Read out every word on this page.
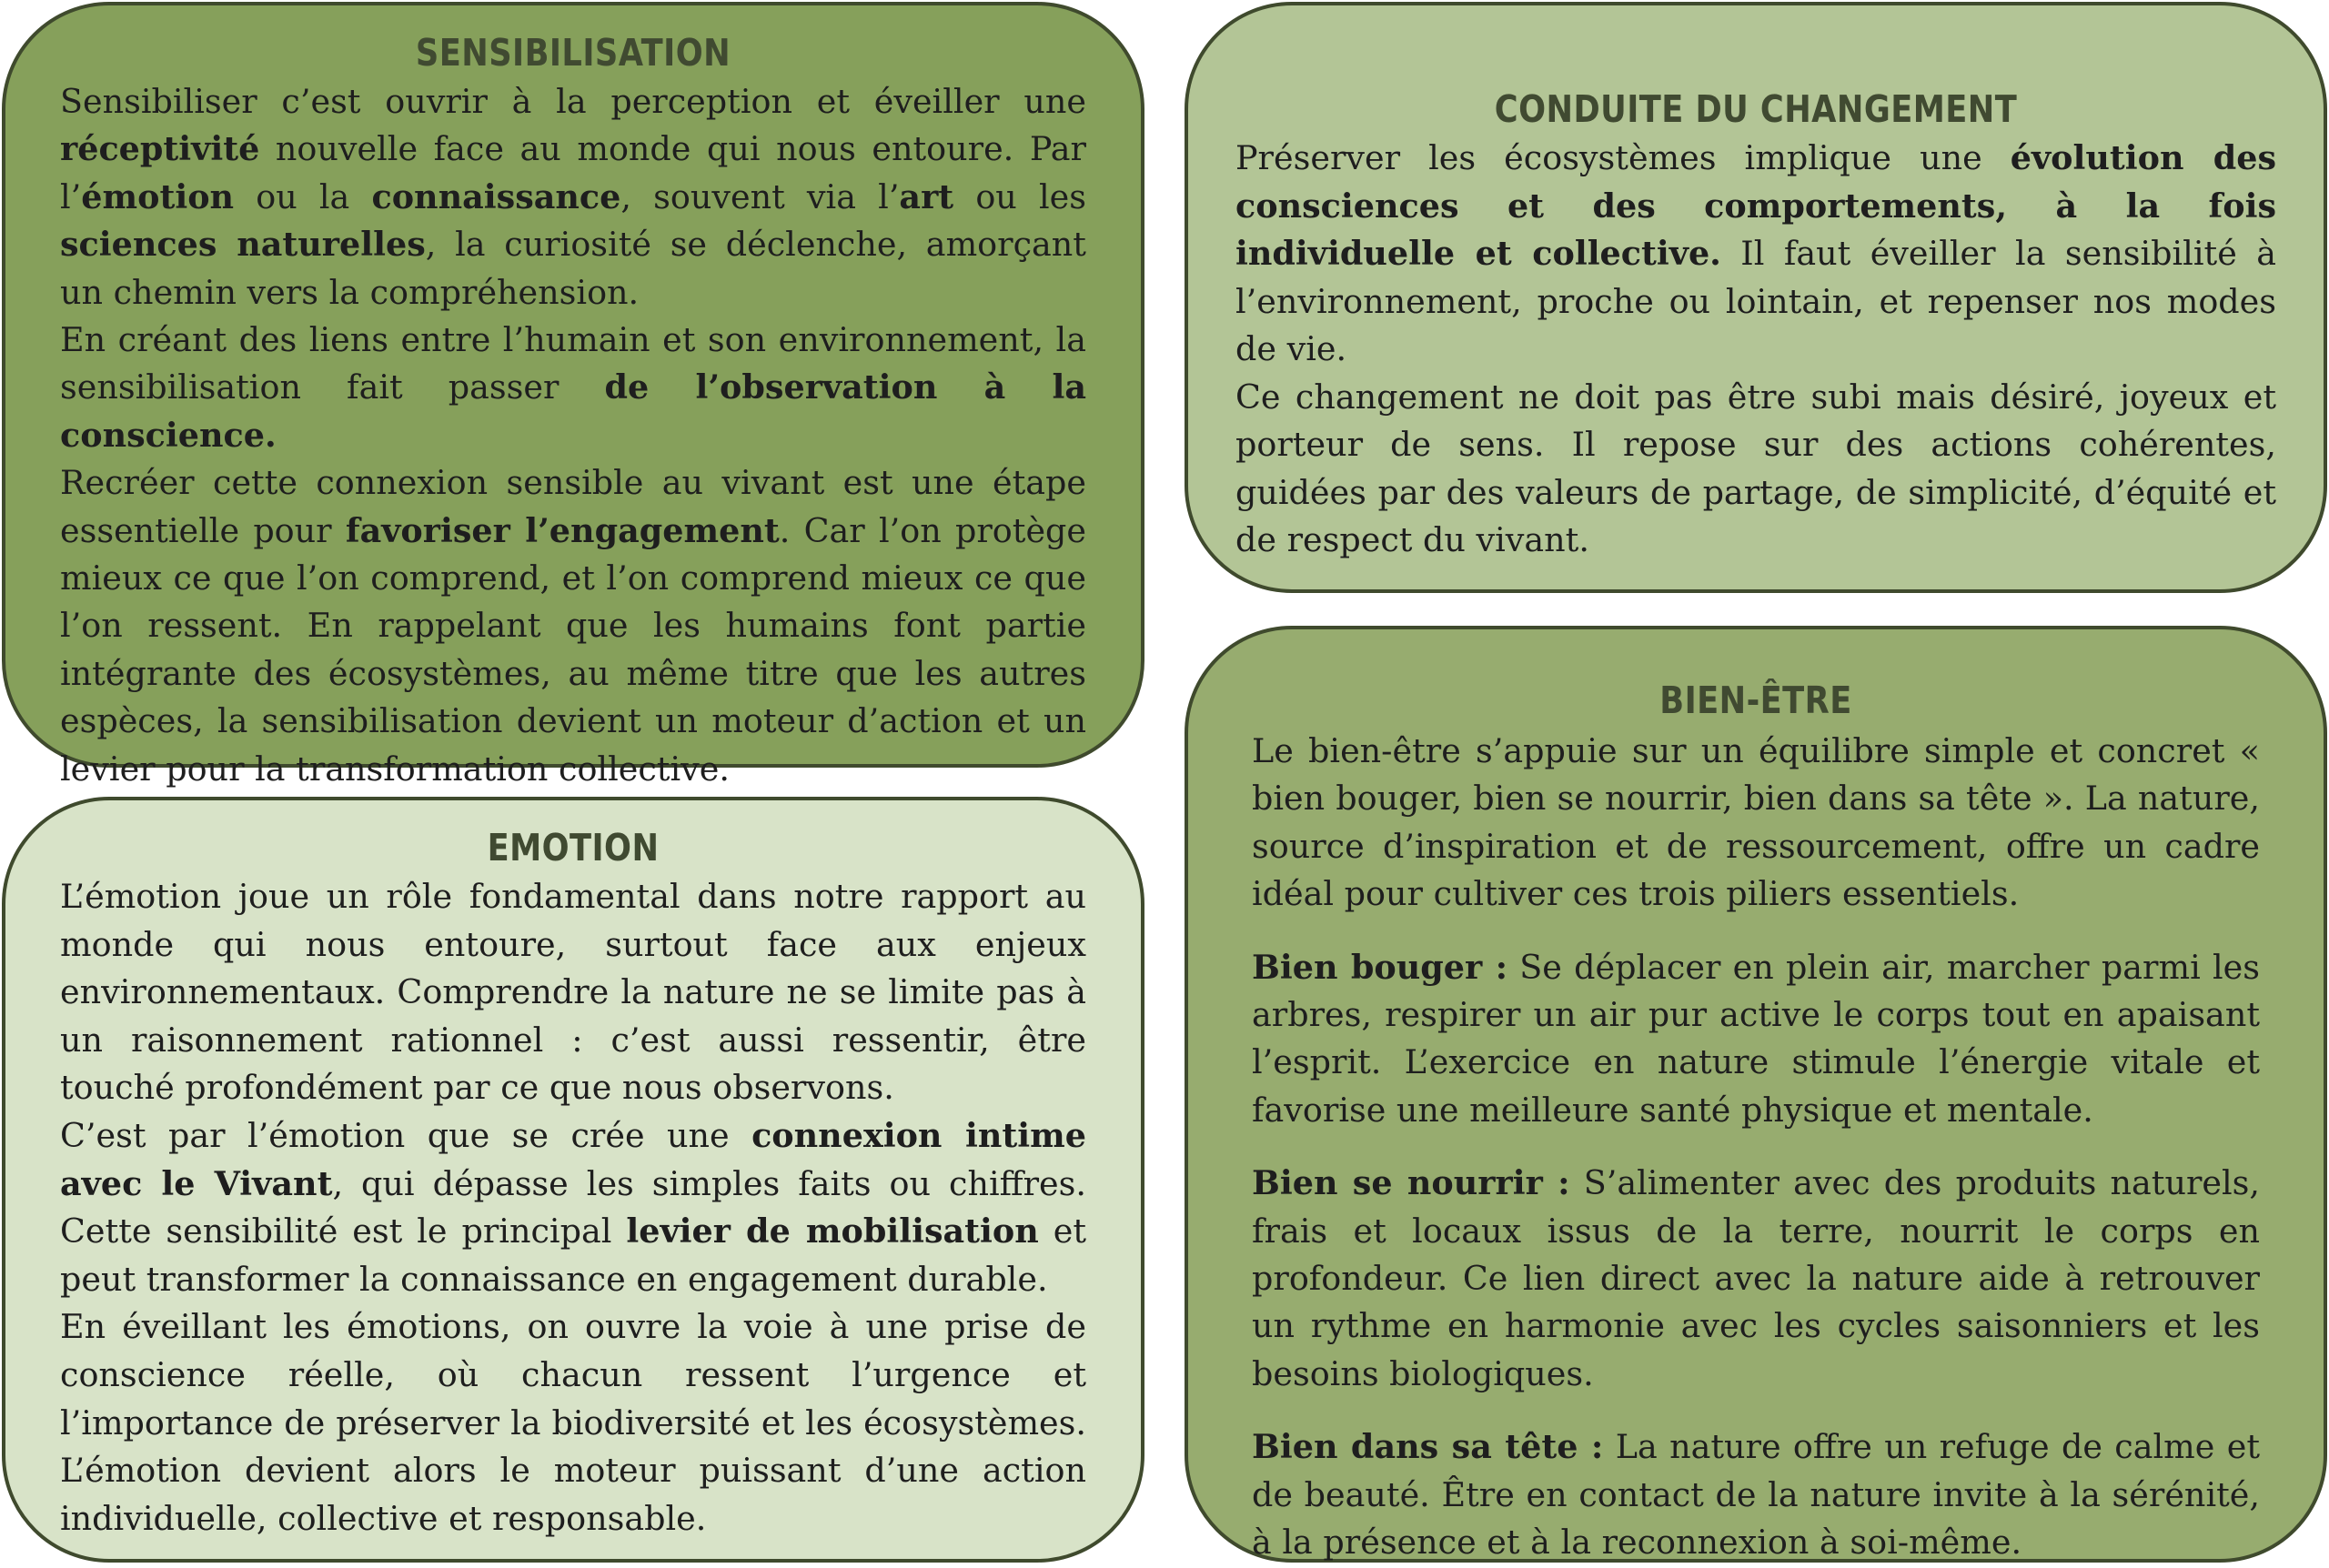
SENSIBILISATION

Sensibiliser c’est ouvrir à la perception et éveiller une réceptivité nouvelle face au monde qui nous entoure. Par l’émotion ou la connaissance, souvent via l’art ou les sciences naturelles, la curiosité se déclenche, amorçant un chemin vers la compréhension.

En créant des liens entre l’humain et son environnement, la sensibilisation fait passer de l’observation à la conscience.

Recréer cette connexion sensible au vivant est une étape essentielle pour favoriser l’engagement. Car l’on protège mieux ce que l’on comprend, et l’on comprend mieux ce que l’on ressent. En rappelant que les humains font partie intégrante des écosystèmes, au même titre que les autres espèces, la sensibilisation devient un moteur d’action et un levier pour la transformation collective.

CONDUITE DU CHANGEMENT

Préserver les écosystèmes implique une évolution des consciences et des comportements, à la fois individuelle et collective. Il faut éveiller la sensibilité à l’environnement, proche ou lointain, et repenser nos modes de vie.

Ce changement ne doit pas être subi mais désiré, joyeux et porteur de sens. Il repose sur des actions cohérentes, guidées par des valeurs de partage, de simplicité, d’équité et de respect du vivant.

EMOTION

L’émotion joue un rôle fondamental dans notre rapport au monde qui nous entoure, surtout face aux enjeux environnementaux. Comprendre la nature ne se limite pas à un raisonnement rationnel : c’est aussi ressentir, être touché profondément par ce que nous observons.

C’est par l’émotion que se crée une connexion intime avec le Vivant, qui dépasse les simples faits ou chiffres. Cette sensibilité est le principal levier de mobilisation et peut transformer la connaissance en engagement durable.

En éveillant les émotions, on ouvre la voie à une prise de conscience réelle, où chacun ressent l’urgence et l’importance de préserver la biodiversité et les écosystèmes. L’émotion devient alors le moteur puissant d’une action individuelle, collective et responsable.

BIEN-ÊTRE

Le bien-être s’appuie sur un équilibre simple et concret « bien bouger, bien se nourrir, bien dans sa tête ». La nature, source d’inspiration et de ressourcement, offre un cadre idéal pour cultiver ces trois piliers essentiels.

Bien bouger : Se déplacer en plein air, marcher parmi les arbres, respirer un air pur active le corps tout en apaisant l’esprit. L’exercice en nature stimule l’énergie vitale et favorise une meilleure santé physique et mentale.

Bien se nourrir : S’alimenter avec des produits naturels, frais et locaux issus de la terre, nourrit le corps en profondeur. Ce lien direct avec la nature aide à retrouver un rythme en harmonie avec les cycles saisonniers et les besoins biologiques.

Bien dans sa tête : La nature offre un refuge de calme et de beauté. Être en contact de la nature invite à la sérénité, à la présence et à la reconnexion à soi-même.
